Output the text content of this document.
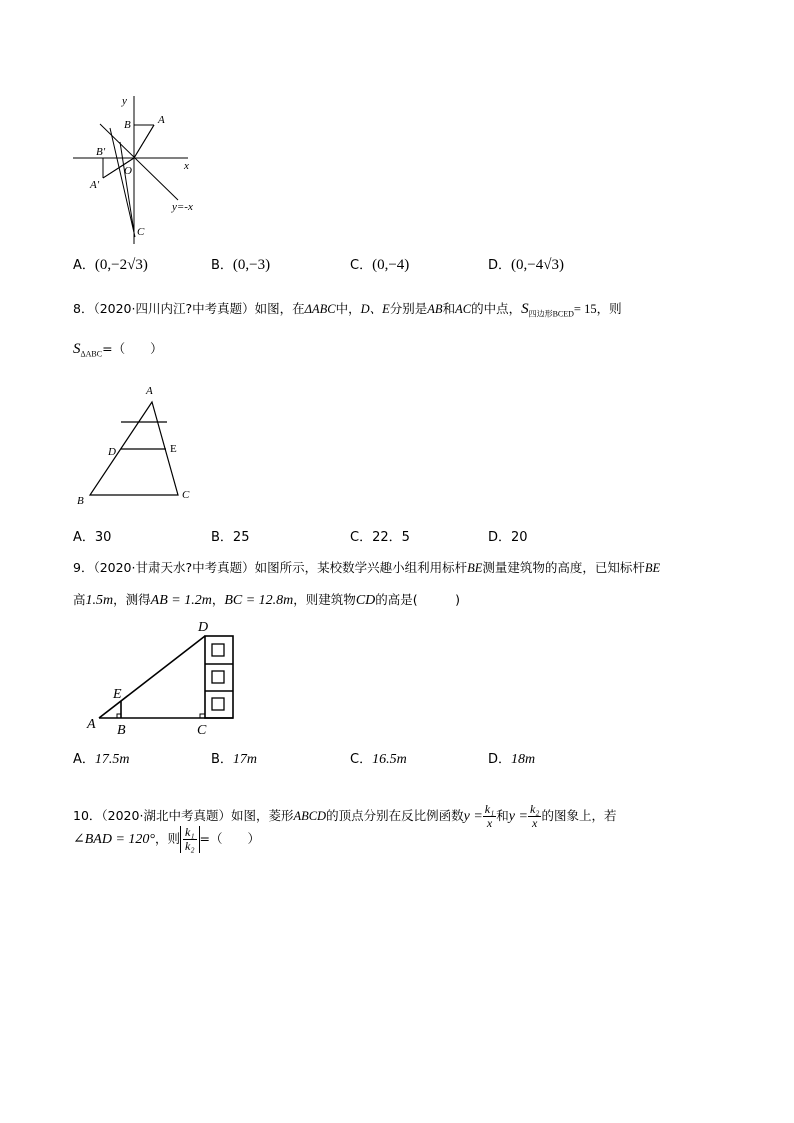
y
x
B A
B′
A′
O
C
y=-x
A．(0,−2√3)	B．(0,−3)	C．(0,−4)	D．(0,−4√3)
8．（2020·四川内江?中考真题）如图，在ΔABC中，D、E分别是AB和AC的中点，$S_{四边形BCED}= 15$，则
$S_{\Delta ABC}=$（　　）
A
D	E
B	C
A．30	B．25	C．22．5	D．20
9．（2020·甘肃天水?中考真题）如图所示，某校数学兴趣小组利用标杆BE测量建筑物的高度，已知标杆BE
高1.5m，测得AB = 1.2m，BC = 12.8m，则建筑物CD的高是(　　　)
D
E
A B	C
A．17.5m	B．17m	C．16.5m	D．18m
10．（2020·湖北中考真题）如图，菱形ABCD的顶点分别在反比例函数$y = \frac{\text{k₁}}{x}$ 和$y = \frac{\text{k₂}}{x}$ 的图象上，若
∠BAD = 120°，则 $\frac{\text{k₁}}{\text{k₂}}$ =（　　）
